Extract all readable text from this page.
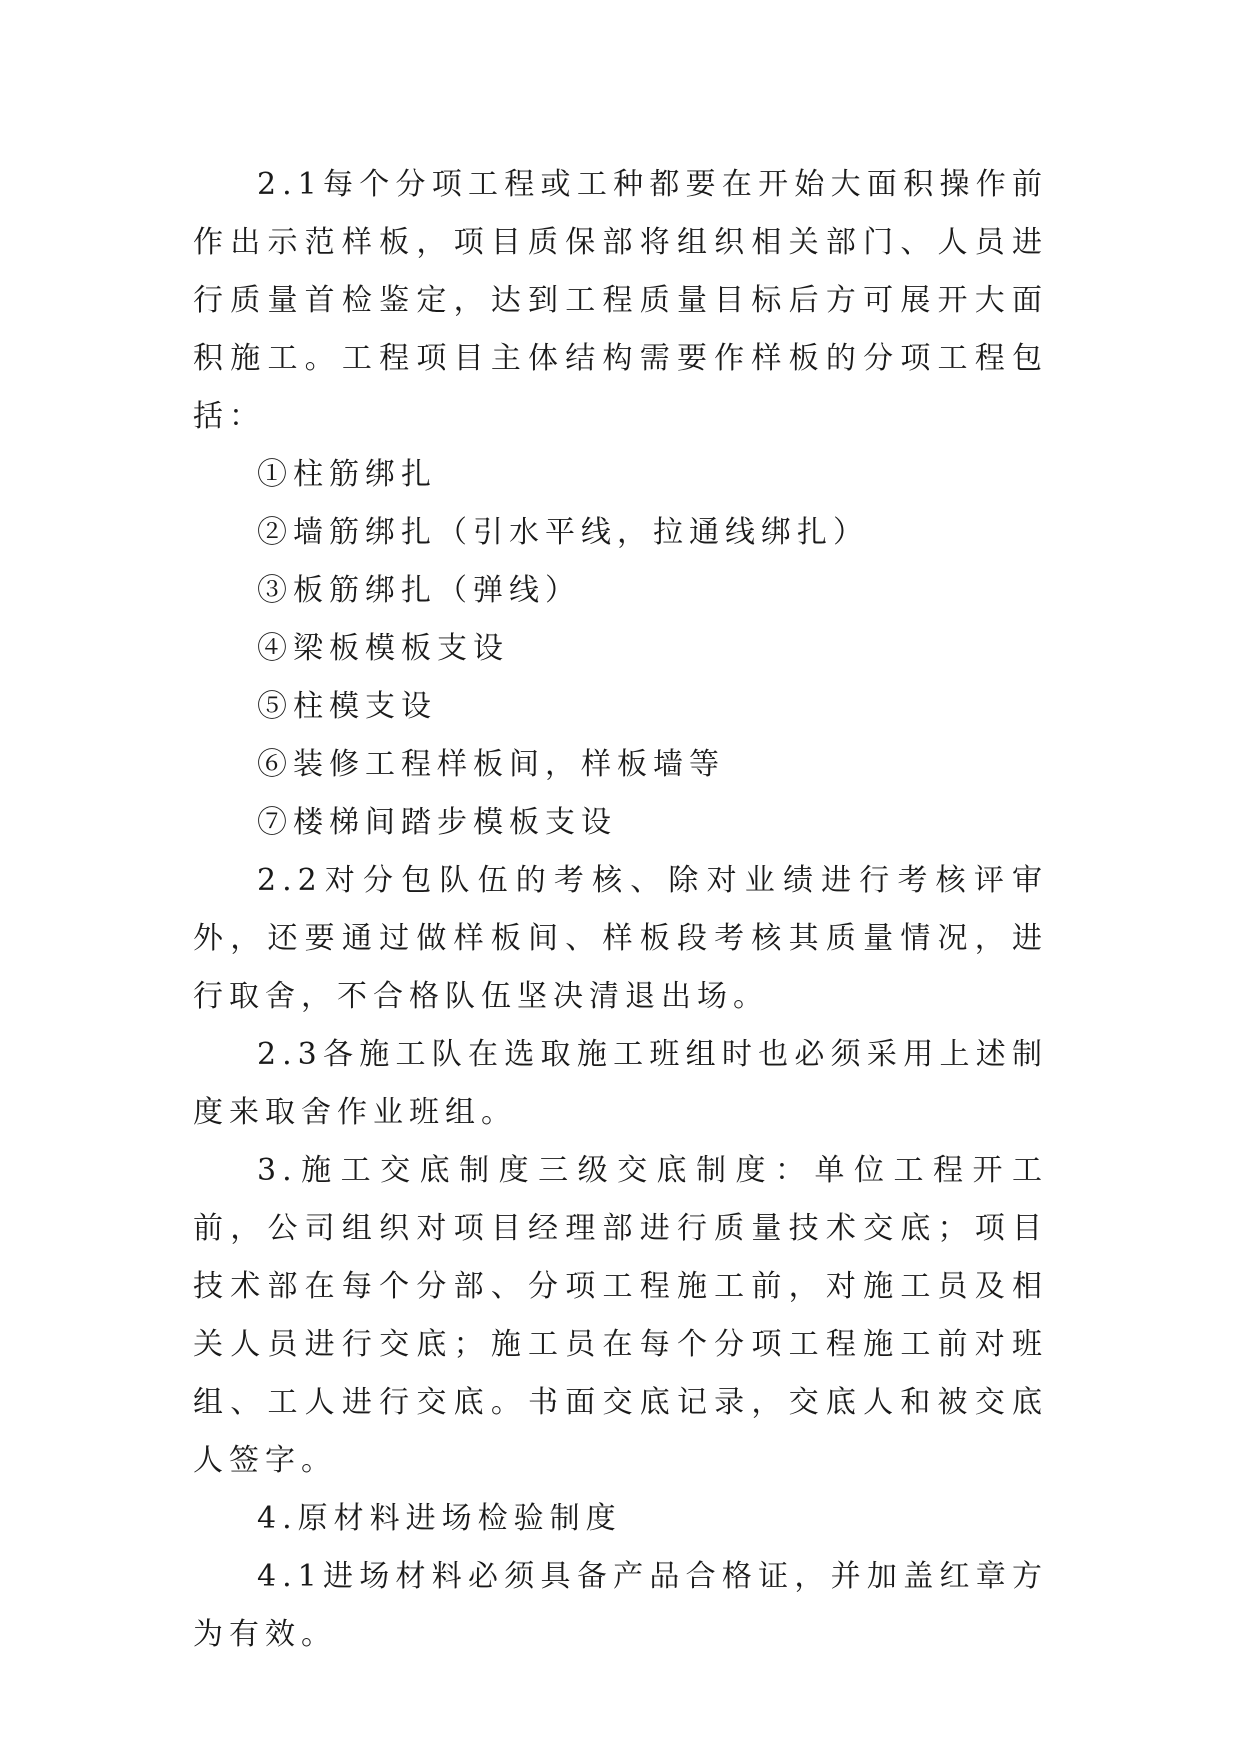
2.1每个分项工程或工种都要在开始大面积操作前作出示范样板，项目质保部将组织相关部门、人员进行质量首检鉴定，达到工程质量目标后方可展开大面积施工。工程项目主体结构需要作样板的分项工程包括：

①柱筋绑扎

②墙筋绑扎（引水平线，拉通线绑扎）

③板筋绑扎（弹线）

④梁板模板支设

⑤柱模支设

⑥装修工程样板间，样板墙等

⑦楼梯间踏步模板支设

2.2对分包队伍的考核、除对业绩进行考核评审外，还要通过做样板间、样板段考核其质量情况，进行取舍，不合格队伍坚决清退出场。

2.3各施工队在选取施工班组时也必须采用上述制度来取舍作业班组。

3.施工交底制度三级交底制度：单位工程开工前，公司组织对项目经理部进行质量技术交底；项目技术部在每个分部、分项工程施工前，对施工员及相关人员进行交底；施工员在每个分项工程施工前对班组、工人进行交底。书面交底记录，交底人和被交底人签字。

4.原材料进场检验制度

4.1进场材料必须具备产品合格证，并加盖红章方为有效。
